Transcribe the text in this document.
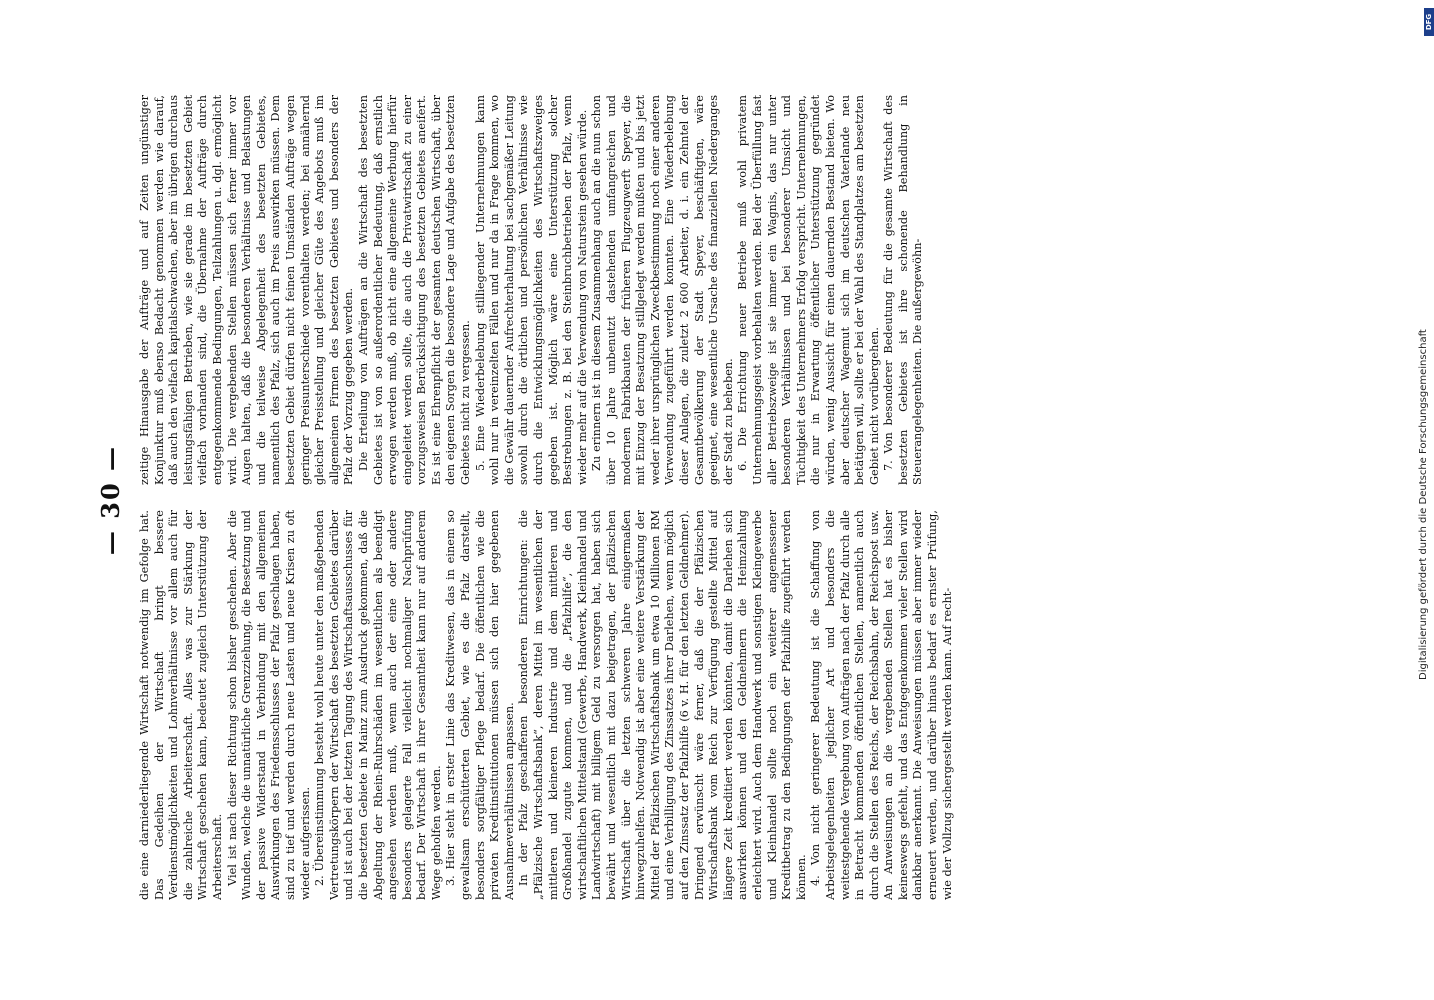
— 30 —

die eine darniederliegende Wirtschaft notwendig im Gefolge hat. Das Gedeihen der Wirtschaft bringt bessere Verdienstmöglichkeiten und Lohnverhältnisse vor allem auch für die zahlreiche Arbeiterschaft. Alles was zur Stärkung der Wirtschaft geschehen kann, bedeutet zugleich Unterstützung der Arbeiterschaft. Viel ist nach dieser Richtung schon bisher geschehen. Aber die Wunden, welche die unnatürliche Grenzziehung, die Besetzung und der passive Widerstand in Verbindung mit den allgemeinen Auswirkungen des Friedensschlusses der Pfalz geschlagen haben, sind zu tief und werden durch neue Lasten und neue Krisen zu oft wieder aufgerissen. 2. Übereinstimmung besteht wohl heute unter den maßgebenden Vertretungskörpern der Wirtschaft des besetzten Gebietes darüber und ist auch bei der letzten Tagung des Wirtschaftsausschusses für die besetzten Gebiete in Mainz zum Ausdruck gekommen, daß die Abgeltung der Rhein-Ruhrschäden im wesentlichen als beendigt angesehen werden muß, wenn auch der eine oder andere besonders gelagerte Fall vielleicht nochmaliger Nachprüfung bedarf. Der Wirtschaft in ihrer Gesamtheit kann nur auf anderem Wege geholfen werden. 3. Hier steht in erster Linie das Kreditwesen, das in einem so gewaltsam erschütterten Gebiet, wie es die Pfalz darstellt, besonders sorgfältiger Pflege bedarf. Die öffentlichen wie die privaten Kreditinstitutionen müssen sich den hier gegebenen Ausnahmeverhältnissen anpassen. In der Pfalz geschaffenen besonderen Einrichtungen: die „Pfälzische Wirtschaftsbank“, deren Mittel im wesentlichen der mittleren und kleineren Industrie und dem mittleren und Großhandel zugute kommen, und die „Pfalzhilfe“, die den wirtschaftlichen Mittelstand (Gewerbe, Handwerk, Kleinhandel und Landwirtschaft) mit billigem Geld zu versorgen hat, haben sich bewährt und wesentlich mit dazu beigetragen, der pfälzischen Wirtschaft über die letzten schweren Jahre einigermaßen hinwegzuhelfen. Notwendig ist aber eine weitere Verstärkung der Mittel der Pfälzischen Wirtschaftsbank um etwa 10 Millionen RM und eine Verbilligung des Zinssatzes ihrer Darlehen, wenn möglich auf den Zinssatz der Pfalzhilfe (6 v. H. für den letzten Geldnehmer). Dringend erwünscht wäre ferner, daß die der Pfälzischen Wirtschaftsbank vom Reich zur Verfügung gestellte Mittel auf längere Zeit kreditiert werden könnten, damit die Darlehen sich auswirken können und den Geldnehmern die Heimzahlung erleichtert wird. Auch dem Handwerk und sonstigen Kleingewerbe und Kleinhandel sollte noch ein weiterer angemessener Kreditbetrag zu den Bedingungen der Pfalzhilfe zugeführt werden können. 4. Von nicht geringerer Bedeutung ist die Schaffung von Arbeitsgelegenheiten jeglicher Art und besonders die weitestgehende Vergebung von Aufträgen nach der Pfalz durch alle in Betracht kommenden öffentlichen Stellen, namentlich auch durch die Stellen des Reichs, der Reichsbahn, der Reichspost usw. An Anweisungen an die vergebenden Stellen hat es bisher keineswegs gefehlt, und das Entgegenkommen vieler Stellen wird dankbar anerkannt. Die Anweisungen müssen aber immer wieder erneuert werden, und darüber hinaus bedarf es ernster Prüfung, wie der Vollzug sichergestellt werden kann. Auf recht-

zeitige Hinausgabe der Aufträge und auf Zeiten ungünstiger Konjunktur muß ebenso Bedacht genommen werden wie darauf, daß auch den vielfach kapitalschwachen, aber im übrigen durchaus leistungsfähigen Betrieben, wie sie gerade im besetzten Gebiet vielfach vorhanden sind, die Übernahme der Aufträge durch entgegenkommende Bedingungen, Teilzahlungen u. dgl. ermöglicht wird. Die vergebenden Stellen müssen sich ferner immer vor Augen halten, daß die besonderen Verhältnisse und Belastungen und die teilweise Abgelegenheit des besetzten Gebietes, namentlich des Pfalz, sich auch im Preis auswirken müssen. Dem besetzten Gebiet dürfen nicht feinen Umständen Aufträge wegen geringer Preisunterschiede vorenthalten werden; bei annähernd gleicher Preisstellung und gleicher Güte des Angebots muß im allgemeinen Firmen des besetzten Gebietes und besonders der Pfalz der Vorzug gegeben werden. Die Erteilung von Aufträgen an die Wirtschaft des besetzten Gebietes ist von so außerordentlicher Bedeutung, daß ernstlich erwogen werden muß, ob nicht eine allgemeine Werbung hierfür eingeleitet werden sollte, die auch die Privatwirtschaft zu einer vorzugsweisen Berücksichtigung des besetzten Gebietes aneifert. Es ist eine Ehrenpflicht der gesamten deutschen Wirtschaft, über den eigenen Sorgen die besondere Lage und Aufgabe des besetzten Gebietes nicht zu vergessen. 5. Eine Wiederbelebung stilliegender Unternehmungen kann wohl nur in vereinzelten Fällen und nur da in Frage kommen, wo die Gewähr dauernder Aufrechterhaltung bei sachgemäßer Leitung sowohl durch die örtlichen und persönlichen Verhältnisse wie durch die Entwicklungsmöglichkeiten des Wirtschaftszweiges gegeben ist. Möglich wäre eine Unterstützung solcher Bestrebungen z. B. bei den Steinbruchbetrieben der Pfalz, wenn wieder mehr auf die Verwendung von Naturstein gesehen würde. Zu erinnern ist in diesem Zusammenhang auch an die nun schon über 10 Jahre unbenutzt dastehenden umfangreichen und modernen Fabrikbauten der früheren Flugzeugwerft Speyer, die mit Einzug der Besatzung stillgelegt werden mußten und bis jetzt weder ihrer ursprünglichen Zweckbestimmung noch einer anderen Verwendung zugeführt werden konnten. Eine Wiederbelebung dieser Anlagen, die zuletzt 2 600 Arbeiter, d. i. ein Zehntel der Gesamtbevölkerung der Stadt Speyer, beschäftigten, wäre geeignet, eine wesentliche Ursache des finanziellen Niederganges der Stadt zu beheben. 6. Die Errichtung neuer Betriebe muß wohl privatem Unternehmungsgeist vorbehalten werden. Bei der Überfüllung fast aller Betriebszweige ist sie immer ein Wagnis, das nur unter besonderen Verhältnissen und bei besonderer Umsicht und Tüchtigkeit des Unternehmers Erfolg verspricht. Unternehmungen, die nur in Erwartung öffentlicher Unterstützung gegründet würden, wenig Aussicht für einen dauernden Bestand bieten. Wo aber deutscher Wagemut sich im deutschen Vaterlande neu betätigen will, sollte er bei der Wahl des Standplatzes am besetzten Gebiet nicht vorübergehen. 7. Von besonderer Bedeutung für die gesamte Wirtschaft des besetzten Gebietes ist ihre schonende Behandlung in Steuerangelegenheiten. Die außergewöhn-

DFG
Digitalisierung gefördert durch die Deutsche Forschungsgemeinschaft
